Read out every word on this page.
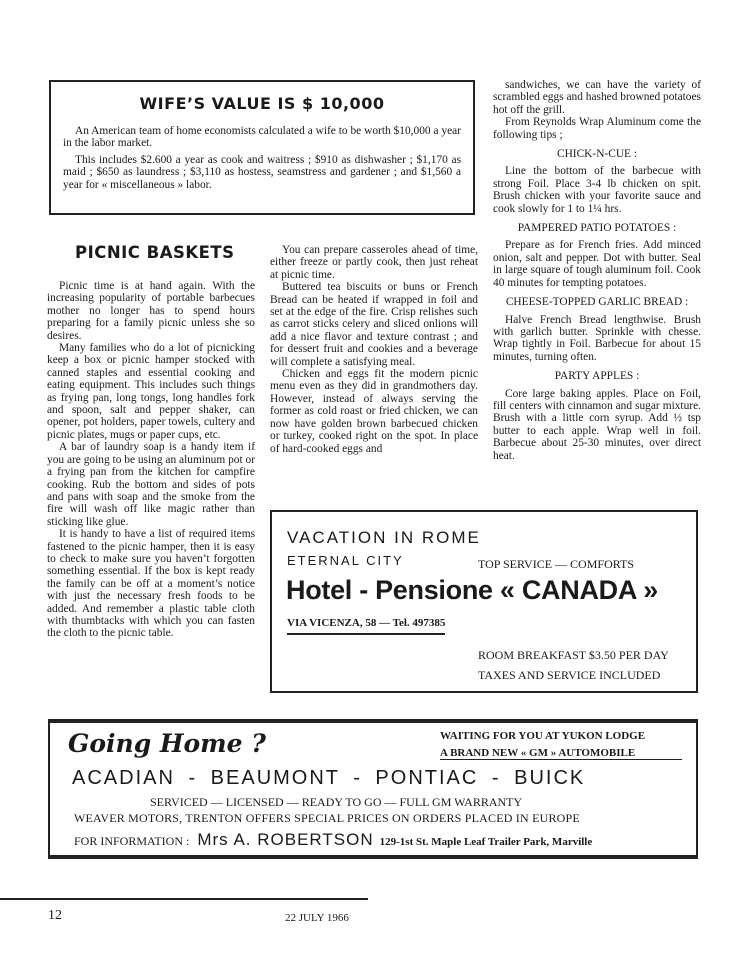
WIFE’S VALUE IS $ 10,000

An American team of home economists calculated a wife to be worth $10,000 a year in the labor market.

This includes $2.600 a year as cook and waitress ; $910 as dishwasher ; $1,170 as maid ; $650 as laundress ; $3,110 as hostess, seamstress and gardener ; and $1,560 a year for « miscellaneous » labor.

PICNIC BASKETS

Picnic time is at hand again. With the increasing popularity of portable barbecues mother no longer has to spend hours preparing for a family picnic unless she so desires.

Many families who do a lot of picnicking keep a box or picnic hamper stocked with canned staples and essential cooking and eating equipment. This includes such things as frying pan, long tongs, long handles fork and spoon, salt and pepper shaker, can opener, pot holders, paper towels, cultery and picnic plates, mugs or paper cups, etc.

A bar of laundry soap is a handy item if you are going to be using an aluminum pot or a frying pan from the kitchen for campfire cooking. Rub the bottom and sides of pots and pans with soap and the smoke from the fire will wash off like magic rather than sticking like glue.

It is handy to have a list of required items fastened to the picnic hamper, then it is easy to check to make sure you haven’t forgotten something essential. If the box is kept ready the family can be off at a moment’s notice with just the necessary fresh foods to be added. And remember a plastic table cloth with thumbtacks with which you can fasten the cloth to the picnic table.

You can prepare casseroles ahead of time, either freeze or partly cook, then just reheat at picnic time.

Buttered tea biscuits or buns or French Bread can be heated if wrapped in foil and set at the edge of the fire. Crisp relishes such as carrot sticks celery and sliced onlions will add a nice flavor and texture contrast ; and for dessert fruit and cookies and a beverage will complete a satisfying meal.

Chicken and eggs fit the modern picnic menu even as they did in grandmothers day. However, instead of always serving the former as cold roast or fried chicken, we can now have golden brown barbecued chicken or turkey, cooked right on the spot. In place of hard-cooked eggs and

sandwiches, we can have the variety of scrambled eggs and hashed browned potatoes hot off the grill.

From Reynolds Wrap Aluminum come the following tips ;

CHICK-N-CUE :

Line the bottom of the barbecue with strong Foil. Place 3-4 lb chicken on spit. Brush chicken with your favorite sauce and cook slowly for 1 to 1¼ hrs.

PAMPERED PATIO POTATOES :

Prepare as for French fries. Add minced onion, salt and pepper. Dot with butter. Seal in large square of tough aluminum foil. Cook 40 minutes for tempting potatoes.

CHEESE-TOPPED GARLIC BREAD :

Halve French Bread lengthwise. Brush with garlich butter. Sprinkle with chesse. Wrap tightly in Foil. Barbecue for about 15 minutes, turning often.

PARTY APPLES :

Core large baking apples. Place on Foil, fill centers with cinnamon and sugar mixture. Brush with a little corn syrup. Add ½ tsp butter to each apple. Wrap well in foil. Barbecue about 25-30 minutes, over direct heat.

VACATION IN ROME
ETERNAL CITY	TOP SERVICE — COMFORTS
Hotel - Pensione « CANADA »
VIA VICENZA, 58 — Tel. 497385
ROOM BREAKFAST $3.50 PER DAY
TAXES AND SERVICE INCLUDED
Going Home ?	WAITING FOR YOU AT YUKON LODGE
A BRAND NEW « GM » AUTOMOBILE
ACADIAN - BEAUMONT - PONTIAC - BUICK
SERVICED — LICENSED — READY TO GO — FULL GM WARRANTY
WEAVER MOTORS, TRENTON OFFERS SPECIAL PRICES ON ORDERS PLACED IN EUROPE
FOR INFORMATION : Mrs A. ROBERTSON 129-1st St. Maple Leaf Trailer Park, Marville
12	22 JULY 1966
